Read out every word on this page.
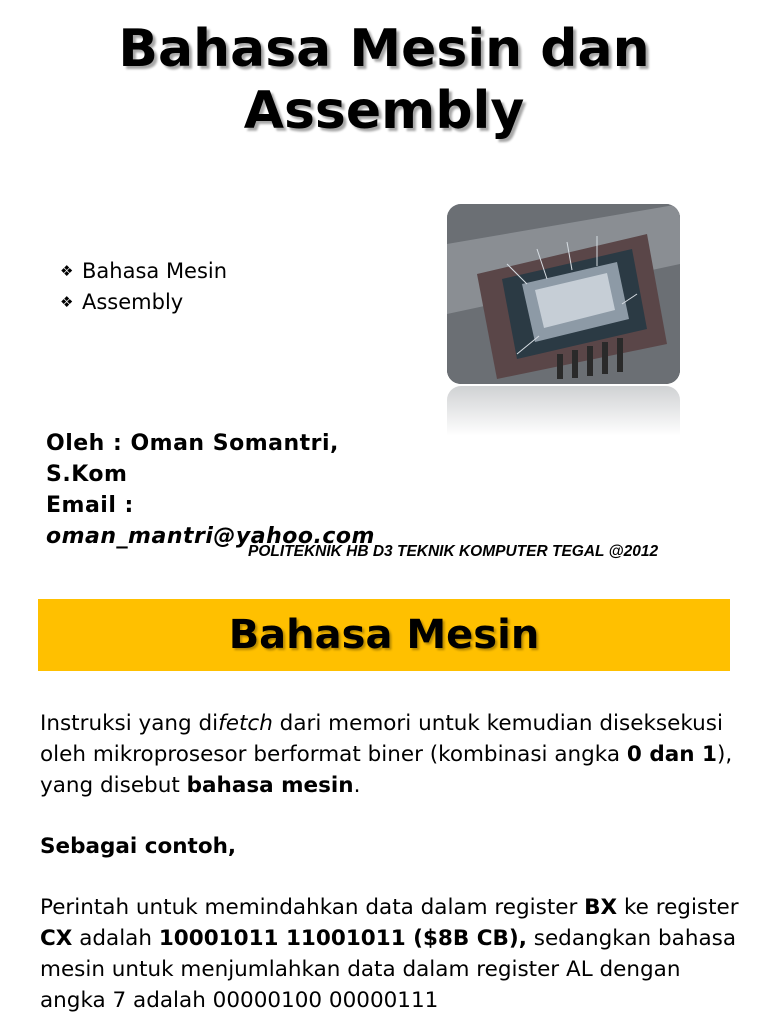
Bahasa Mesin dan
Assembly
❖ Bahasa Mesin
❖ Assembly
Oleh : Oman Somantri,
S.Kom
Email :
oman_mantri@yahoo.com
POLITEKNIK HB D3 TEKNIK KOMPUTER TEGAL @2012
Bahasa Mesin

Instruksi yang difetch dari memori untuk kemudian diseksekusi oleh mikroprosesor berformat biner (kombinasi angka 0 dan 1), yang disebut bahasa mesin.

Sebagai contoh,

Perintah untuk memindahkan data dalam register BX ke register CX adalah 10001011 11001011 ($8B CB), sedangkan bahasa mesin untuk menjumlahkan data dalam register AL dengan angka 7 adalah 00000100 00000111
